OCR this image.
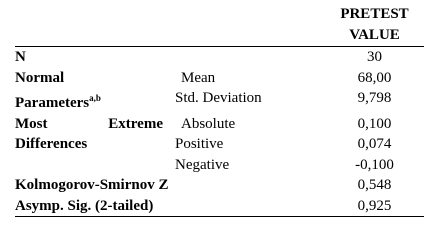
		PRETEST
VALUE

N		30
Normal	Mean	68,00
Parameters$^{a,b}$	Std. Deviation	9,798

Most Extreme	Absolute	0,100
Differences	Positive	0,074
	Negative	-0,100
Kolmogorov-Smirnov Z		0,548
Asymp. Sig. (2-tailed)		0,925
